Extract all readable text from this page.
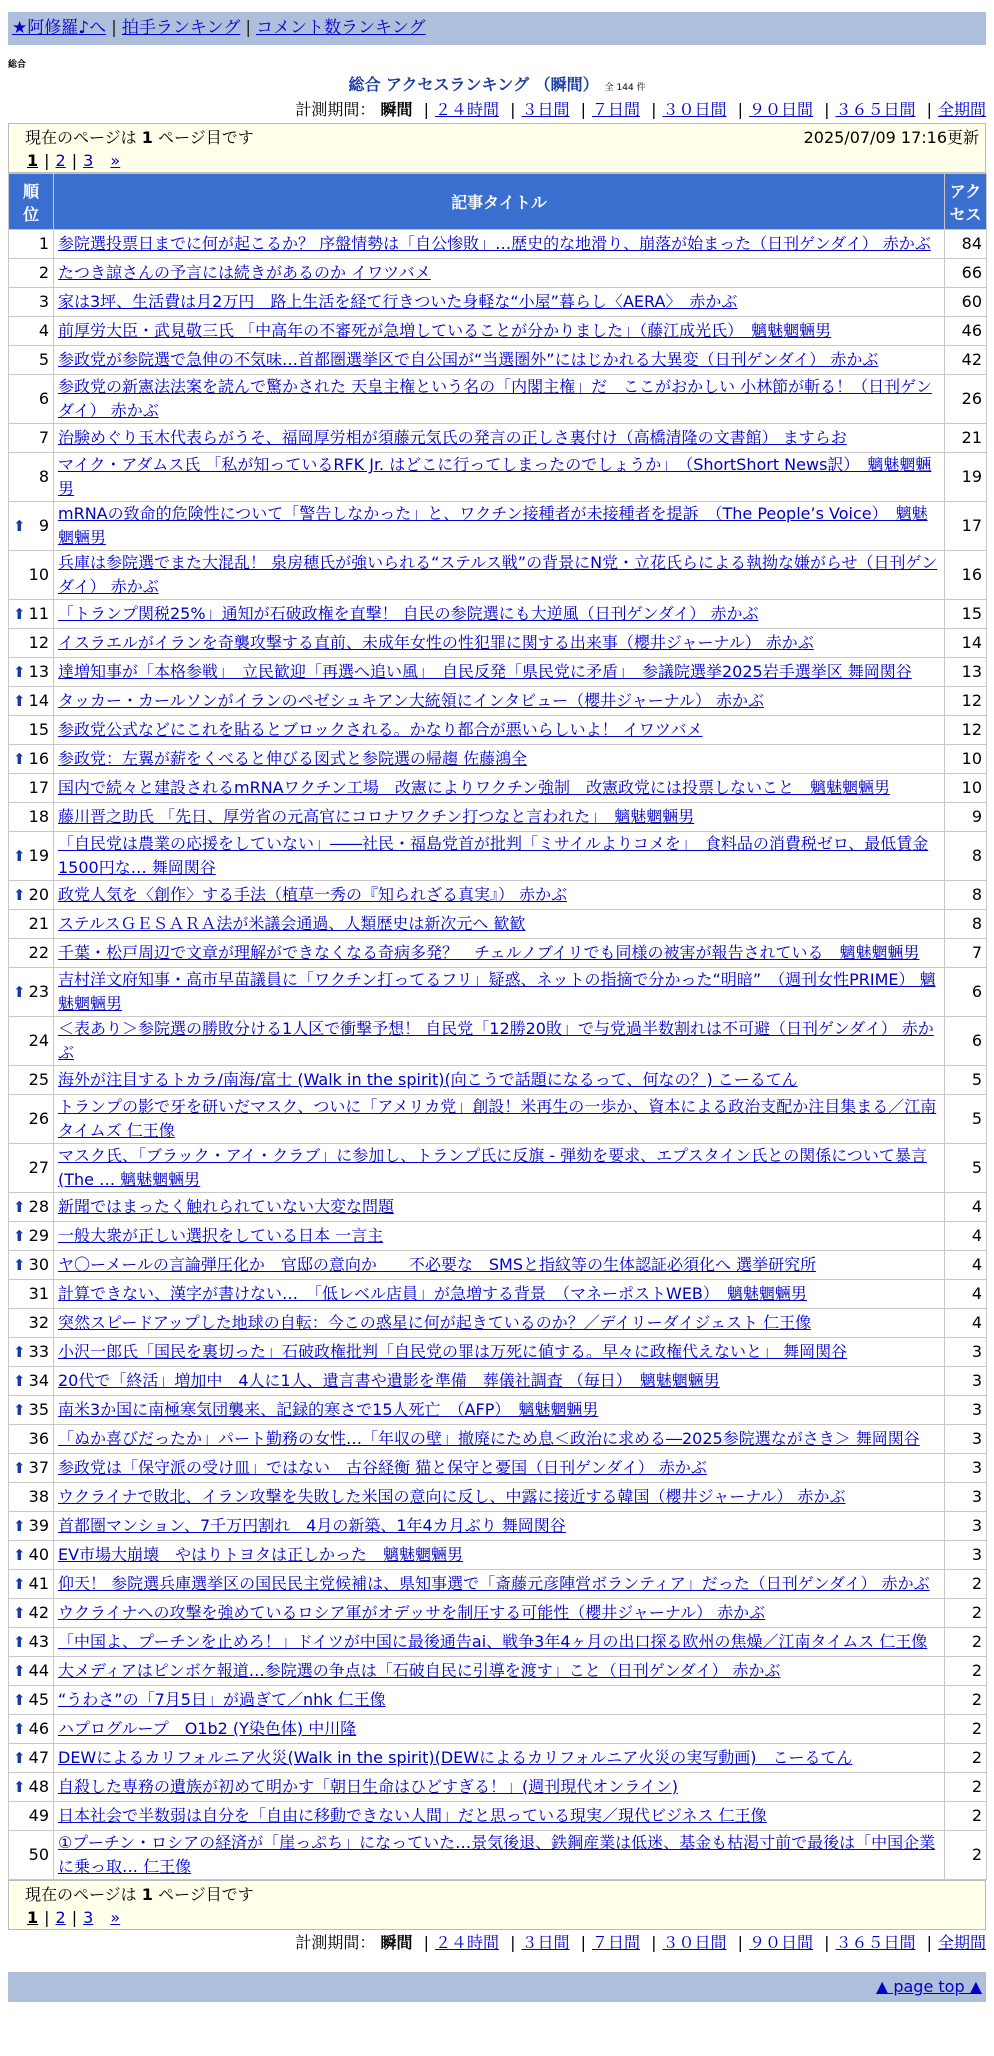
★阿修羅♪へ | 拍手ランキング | コメント数ランキング
総合
総合 アクセスランキング （瞬間） 全 144 件
計測期間： 瞬間 | ２４時間 | ３日間 | ７日間 | ３０日間 | ９０日間 | ３６５日間 | 全期間
現在のページは 1 ページ目です	2025/07/09 17:16更新
1 | 2 | 3 »
順位	記事タイトル	アクセス
1	参院選投票日までに何が起こるか？ 序盤情勢は「自公惨敗」…歴史的な地滑り、崩落が始まった（日刊ゲンダイ） 赤かぶ	84
2	たつき諒さんの予言には続きがあるのか イワツバメ	66
3	家は3坪、生活費は月2万円　路上生活を経て行きついた身軽な“小屋”暮らし〈AERA〉　赤かぶ	60
4	前厚労大臣・武見敬三氏 「中高年の不審死が急増していることが分かりました」（藤江成光氏）　魑魅魍魎男	46
5	参政党が参院選で急伸の不気味…首都圏選挙区で自公国が“当選圏外”にはじかれる大異変（日刊ゲンダイ） 赤かぶ	42
6	参政党の新憲法法案を読んで驚かされた 天皇主権という名の「内閣主権」だ　ここがおかしい 小林節が斬る！（日刊ゲンダイ） 赤かぶ	26
7	治験めぐり玉木代表らがうそ、福岡厚労相が須藤元気氏の発言の正しさ裏付け（高橋清隆の文書館） ますらお	21
8	マイク・アダムス氏 「私が知っているRFK Jr. はどこに行ってしまったのでしょうか」　（ShortShort News訳）　魑魅魍魎男	19

⬆ 9	mRNAの致命的危険性について「警告しなかった」と、ワクチン接種者が未接種者を提訴　（The People’s Voice）　魑魅魍魎男	17
10	兵庫は参院選でまた大混乱！ 泉房穂氏が強いられる“ステルス戦”の背景にN党・立花氏らによる執拗な嫌がらせ（日刊ゲンダイ） 赤かぶ	16

⬆ 11	「トランプ関税25%」通知が石破政権を直撃！ 自民の参院選にも大逆風（日刊ゲンダイ） 赤かぶ	15
12	イスラエルがイランを奇襲攻撃する直前、未成年女性の性犯罪に関する出来事（櫻井ジャーナル） 赤かぶ	14

⬆ 13	達増知事が「本格参戦」　立民歓迎「再選へ追い風」　自民反発「県民党に矛盾」　参議院選挙2025岩手選挙区 舞岡関谷	13

⬆ 14	タッカー・カールソンがイランのペゼシュキアン大統領にインタビュー（櫻井ジャーナル） 赤かぶ	12
15	参政党公式などにこれを貼るとブロックされる。かなり都合が悪いらしいよ！ イワツバメ	12

⬆ 16	参政党：左翼が薪をくべると伸びる図式と参院選の帰趨 佐藤鴻全	10
17	国内で続々と建設されるmRNAワクチン工場　改憲によりワクチン強制　改憲政党には投票しないこと　魑魅魍魎男	10
18	藤川晋之助氏 「先日、厚労省の元高官にコロナワクチン打つなと言われた」　魑魅魍魎男	9

⬆ 19	「自民党は農業の応援をしていない」――社民・福島党首が批判「ミサイルよりコメを」　食料品の消費税ゼロ、最低賃金1500円な… 舞岡関谷	8

⬆ 20	政党人気を〈創作〉する手法（植草一秀の『知られざる真実』） 赤かぶ	8
21	ステルスＧＥＳＡＲＡ法が米議会通過、人類歴史は新次元へ 歓歓	8
22	千葉・松戸周辺で文章が理解ができなくなる奇病多発？　チェルノブイリでも同様の被害が報告されている　魑魅魍魎男	7

⬆ 23	吉村洋文府知事・高市早苗議員に「ワクチン打ってるフリ」疑惑、ネットの指摘で分かった“明暗”　（週刊女性PRIME） 魑魅魍魎男	6
24	＜表あり＞参院選の勝敗分ける1人区で衝撃予想！ 自民党「12勝20敗」で与党過半数割れは不可避（日刊ゲンダイ） 赤かぶ	6
25	海外が注目するトカラ/南海/富士 (Walk in the spirit)(向こうで話題になるって、何なの？) こーるてん	5
26	トランプの影で牙を研いだマスク、ついに「アメリカ党」創設！米再生の一歩か、資本による政治支配か注目集まる／江南タイムズ 仁王像	5
27	マスク氏、「ブラック・アイ・クラブ」に参加し、トランプ氏に反旗 - 弾劾を要求、エプスタイン氏との関係について暴言 (The … 魑魅魍魎男	5

⬆ 28	新聞ではまったく触れられていない大変な問題	4

⬆ 29	一般大衆が正しい選択をしている日本 一言主	4

⬆ 30	ヤ〇ーメールの言論弾圧化か　官邸の意向か　　不必要な　SMSと指紋等の生体認証必須化へ 選挙研究所	4
31	計算できない、漢字が書けない…　「低レベル店員」が急増する背景　（マネーポストWEB）　魑魅魍魎男	4
32	突然スピードアップした地球の自転：今この惑星に何が起きているのか？／デイリーダイジェスト 仁王像	4

⬆ 33	小沢一郎氏「国民を裏切った」石破政権批判「自民党の罪は万死に値する。早々に政権代えないと」 舞岡関谷	3

⬆ 34	20代で「終活」増加中　4人に1人、遺言書や遺影を準備　葬儀社調査 （毎日）　魑魅魍魎男	3

⬆ 35	南米3か国に南極寒気団襲来、記録的寒さで15人死亡　（AFP）　魑魅魍魎男	3
36	「ぬか喜びだったか」パート勤務の女性…「年収の壁」撤廃にため息＜政治に求める―2025参院選ながさき＞ 舞岡関谷	3

⬆ 37	参政党は「保守派の受け皿」ではない　古谷経衡 猫と保守と憂国（日刊ゲンダイ） 赤かぶ	3
38	ウクライナで敗北、イラン攻撃を失敗した米国の意向に反し、中露に接近する韓国（櫻井ジャーナル） 赤かぶ	3

⬆ 39	首都圏マンション、7千万円割れ　4月の新築、1年4カ月ぶり 舞岡関谷	3

⬆ 40	EV市場大崩壊　やはりトヨタは正しかった　魑魅魍魎男	3

⬆ 41	仰天！ 参院選兵庫選挙区の国民民主党候補は、県知事選で「斎藤元彦陣営ボランティア」だった（日刊ゲンダイ） 赤かぶ	2

⬆ 42	ウクライナへの攻撃を強めているロシア軍がオデッサを制圧する可能性（櫻井ジャーナル） 赤かぶ	2

⬆ 43	「中国よ、プーチンを止めろ！」ドイツが中国に最後通告ai、戦争3年4ヶ月の出口探る欧州の焦燥／江南タイムス 仁王像	2

⬆ 44	大メディアはピンボケ報道…参院選の争点は「石破自民に引導を渡す」こと（日刊ゲンダイ） 赤かぶ	2

⬆ 45	“うわさ”の「7月5日」が過ぎて／nhk 仁王像	2

⬆ 46	ハプログループ　O1b2 (Y染色体) 中川隆	2

⬆ 47	DEWによるカリフォルニア火災(Walk in the spirit)(DEWによるカリフォルニア火災の実写動画)　こーるてん	2

⬆ 48	自殺した専務の遺族が初めて明かす「朝日生命はひどすぎる！」(週刊現代オンライン)	2
49	日本社会で半数弱は自分を「自由に移動できない人間」だと思っている現実／現代ビジネス 仁王像	2
50	①プーチン・ロシアの経済が「崖っぷち」になっていた…景気後退、鉄鋼産業は低迷、基金も枯渇寸前で最後は「中国企業に乗っ取… 仁王像	2
現在のページは 1 ページ目です
1 | 2 | 3 »
計測期間： 瞬間 | ２４時間 | ３日間 | ７日間 | ３０日間 | ９０日間 | ３６５日間 | 全期間
▲ page top ▲
